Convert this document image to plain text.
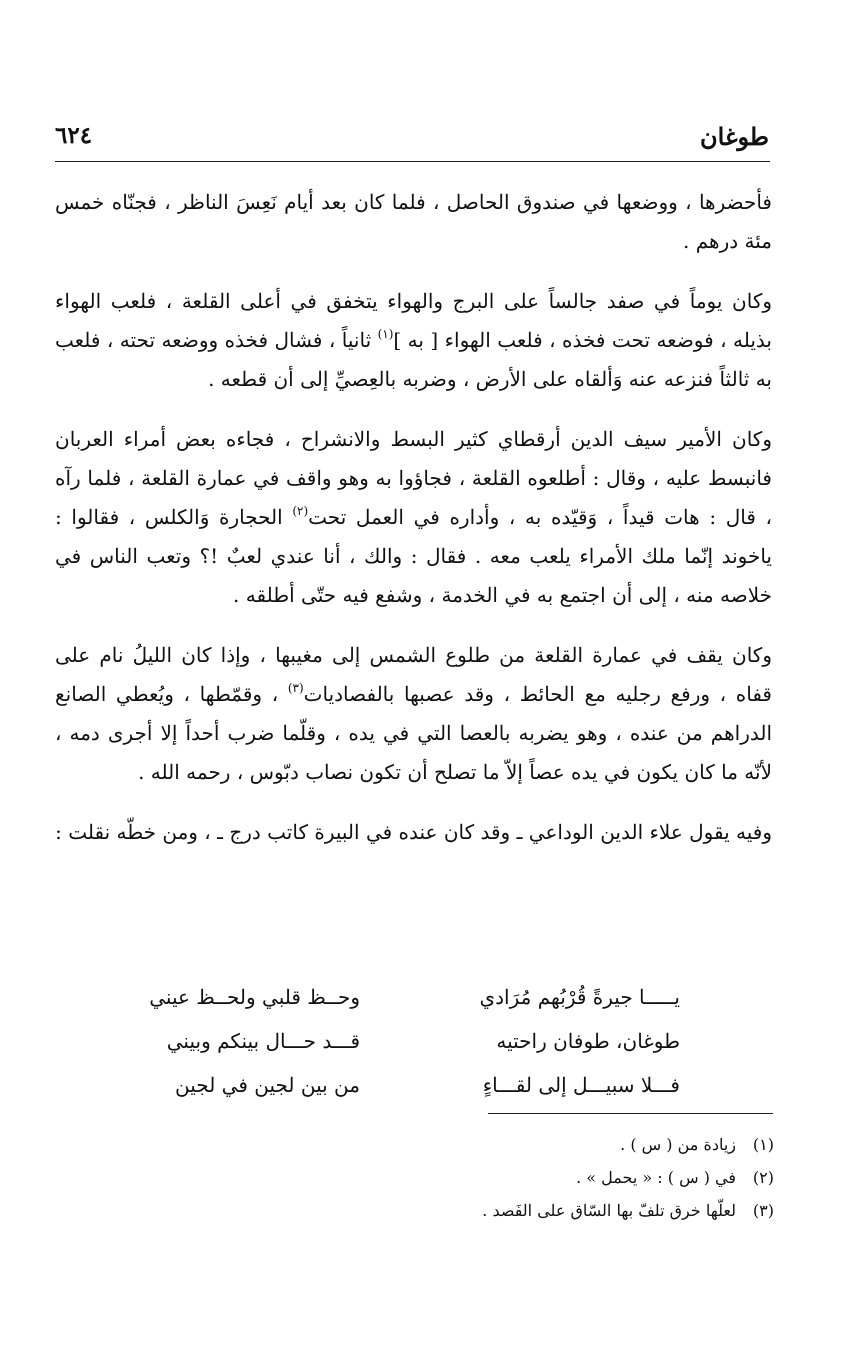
طوغان
٦٢٤

فأحضرها ، ووضعها في صندوق الحاصل ، فلما كان بعد أيام نَعِسَ الناظر ، فجنّاه خمس مئة درهم .

وكان يوماً في صفد جالساً على البرج والهواء يتخفق في أعلى القلعة ، فلعب الهواء بذيله ، فوضعه تحت فخذه ، فلعب الهواء [ به ]$^{(١)}$ ثانياً ، فشال فخذه ووضعه تحته ، فلعب به ثالثاً فنزعه عنه وَألقاه على الأرض ، وضربه بالعِصيِّ إلى أن قطعه .

وكان الأمير سيف الدين أرقطاي كثير البسط والانشراح ، فجاءه بعض أمراء العربان فانبسط عليه ، وقال : أطلعوه القلعة ، فجاؤوا به وهو واقف في عمارة القلعة ، فلما رآه ، قال : هات قيداً ، وَقيّده به ، وأداره في العمل تحت$^{(٢)}$ الحجارة وَالكلس ، فقالوا : ياخوند إنّما ملك الأمراء يلعب معه . فقال : والك ، أنا عندي لعبٌ !؟ وتعب الناس في خلاصه منه ، إلى أن اجتمع به في الخدمة ، وشفع فيه حتّى أطلقه .

وكان يقف في عمارة القلعة من طلوع الشمس إلى مغيبها ، وإذا كان الليلُ نام على قفاه ، ورفع رجليه مع الحائط ، وقد عصبها بالفصاديات$^{(٣)}$ ، وقمّطها ، ويُعطي الصانع الدراهم من عنده ، وهو يضربه بالعصا التي في يده ، وقلّما ضرب أحداً إلا أجرى دمه ، لأنّه ما كان يكون في يده عصاً إلاّ ما تصلح أن تكون نصاب دبّوس ، رحمه الله .

وفيه يقول علاء الدين الوداعي ـ وقد كان عنده في البيرة كاتب درج ـ ، ومن خطّه نقلت :

يـــــا جيرةً قُرْبُهم مُرَادي
وحــظ قلبي ولحــظ عيني
طوغان، طوفان راحتيه
قـــد حـــال بينكم وبيني
فـــلا سبيـــل إلى لقـــاءٍ
من بين لجين في لجين
(١)
زيادة من ( س ) .
(٢)
في ( س ) : « يحمل » .
(٣)
لعلّها خرق تلفّ بها السّاق على الفَصد .
